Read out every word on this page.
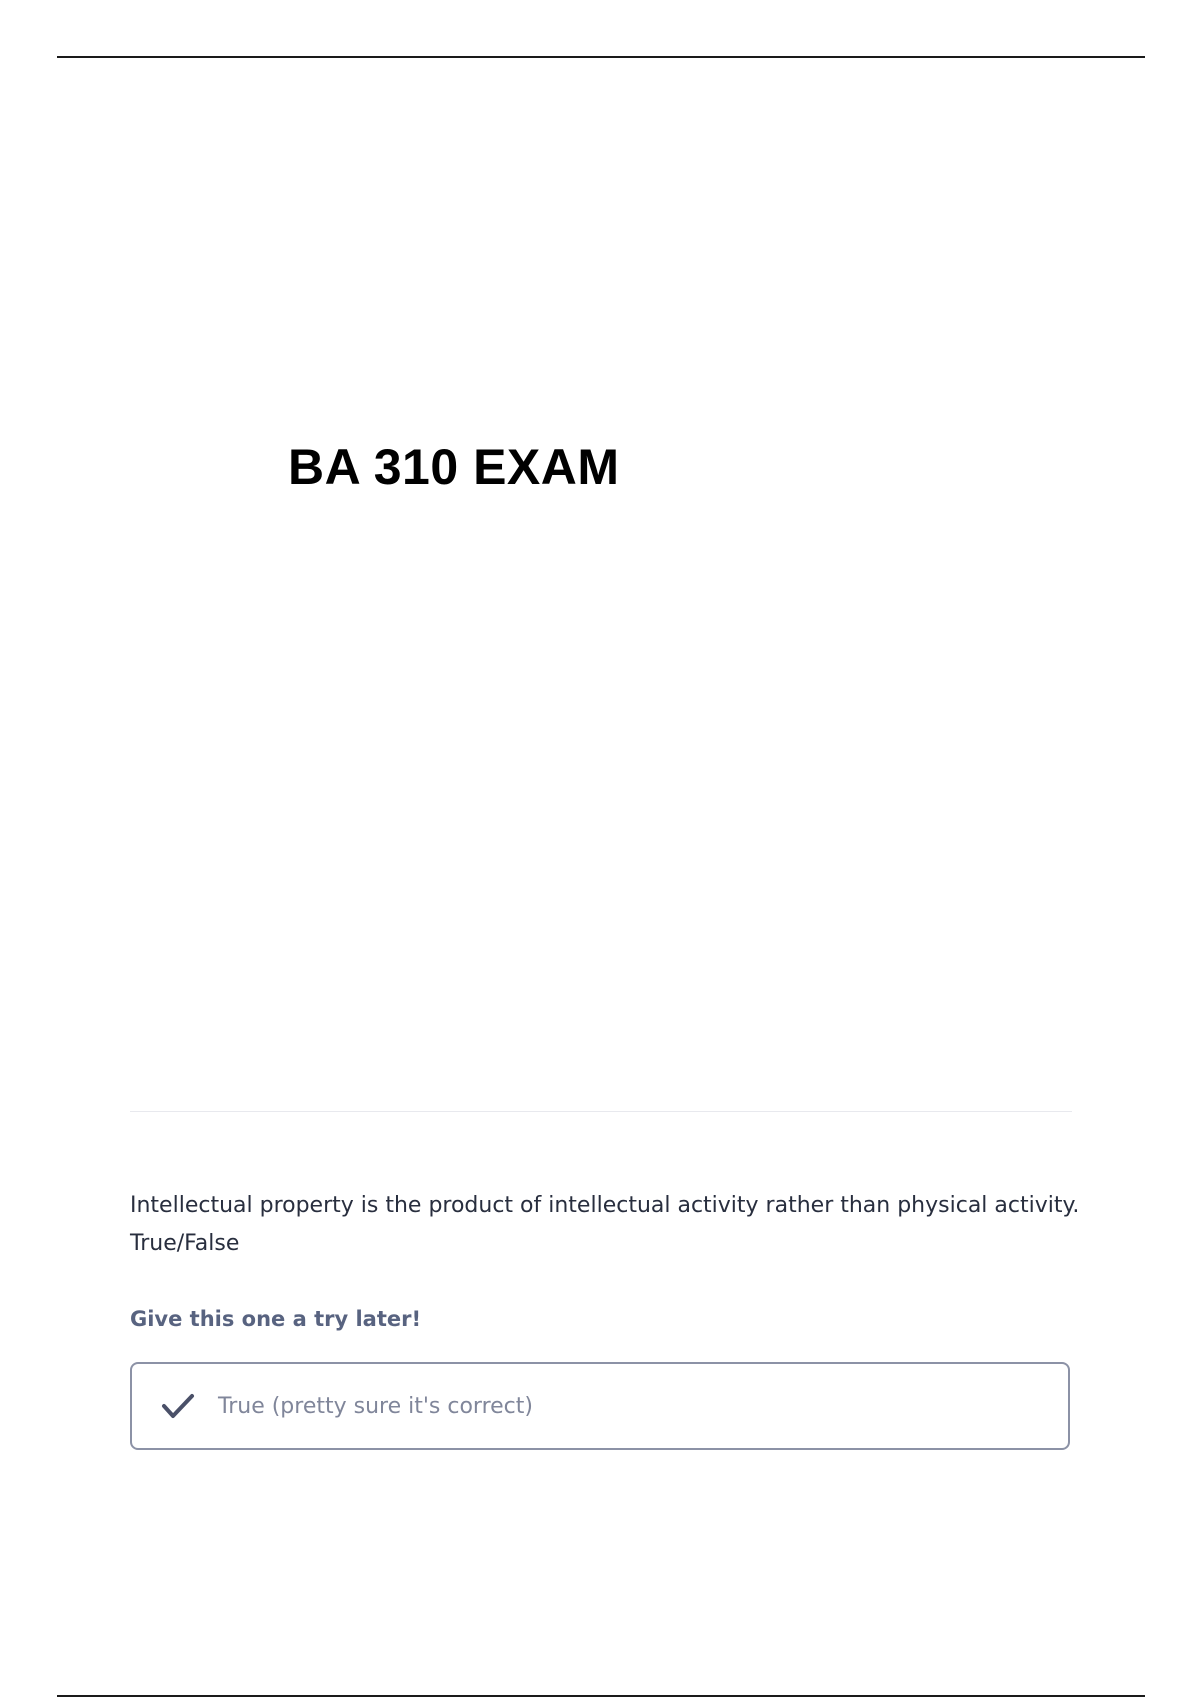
BA 310 EXAM

Intellectual property is the product of intellectual activity rather than physical activity.
True/False

Give this one a try later!

True (pretty sure it's correct)
